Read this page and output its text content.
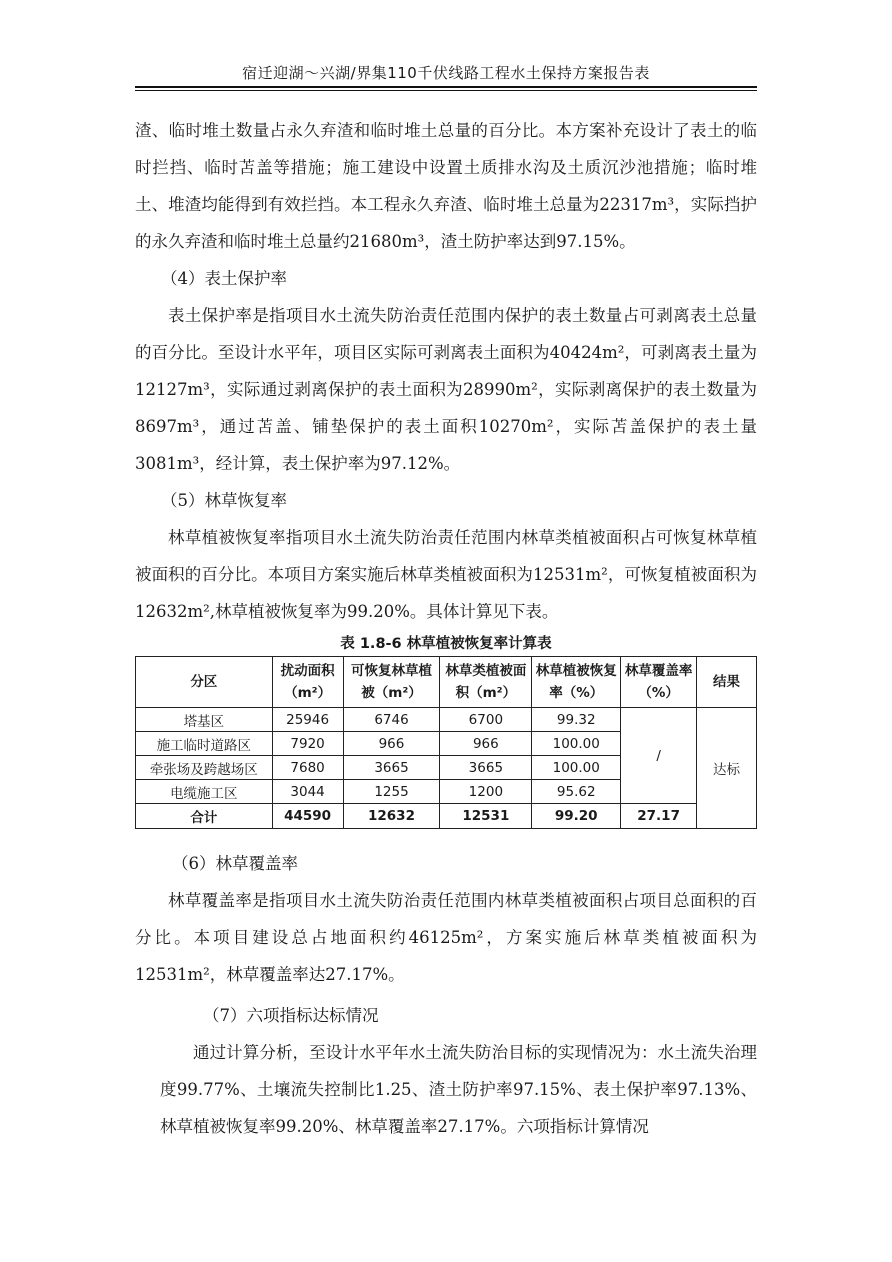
宿迁迎湖～兴湖/界集110千伏线路工程水土保持方案报告表

渣、临时堆土数量占永久弃渣和临时堆土总量的百分比。本方案补充设计了表土的临时拦挡、临时苫盖等措施；施工建设中设置土质排水沟及土质沉沙池措施；临时堆土、堆渣均能得到有效拦挡。本工程永久弃渣、临时堆土总量为22317m³，实际挡护的永久弃渣和临时堆土总量约21680m³，渣土防护率达到97.15%。

（4）表土保护率

表土保护率是指项目水土流失防治责任范围内保护的表土数量占可剥离表土总量的百分比。至设计水平年，项目区实际可剥离表土面积为40424m²，可剥离表土量为12127m³，实际通过剥离保护的表土面积为28990m²，实际剥离保护的表土数量为8697m³，通过苫盖、铺垫保护的表土面积10270m²，实际苫盖保护的表土量3081m³，经计算，表土保护率为97.12%。

（5）林草恢复率

林草植被恢复率指项目水土流失防治责任范围内林草类植被面积占可恢复林草植被面积的百分比。本项目方案实施后林草类植被面积为12531m²，可恢复植被面积为12632m²,林草植被恢复率为99.20%。具体计算见下表。

表 1.8-6 林草植被恢复率计算表
分区	扰动面积（m²）	可恢复林草植被（m²）	林草类植被面积（m²）	林草植被恢复率（%）	林草覆盖率（%）	结果
塔基区	25946	6746	6700	99.32	/	达标
施工临时道路区	7920	966	966	100.00		
牵张场及跨越场区	7680	3665	3665	100.00		
电缆施工区	3044	1255	1200	95.62		
合计	44590	12632	12531	99.20	27.17	

（6）林草覆盖率

林草覆盖率是指项目水土流失防治责任范围内林草类植被面积占项目总面积的百分比。本项目建设总占地面积约46125m²，方案实施后林草类植被面积为12531m²，林草覆盖率达27.17%。

（7）六项指标达标情况

通过计算分析，至设计水平年水土流失防治目标的实现情况为：水土流失治理度99.77%、土壤流失控制比1.25、渣土防护率97.15%、表土保护率97.13%、 林草植被恢复率99.20%、林草覆盖率27.17%。六项指标计算情况
